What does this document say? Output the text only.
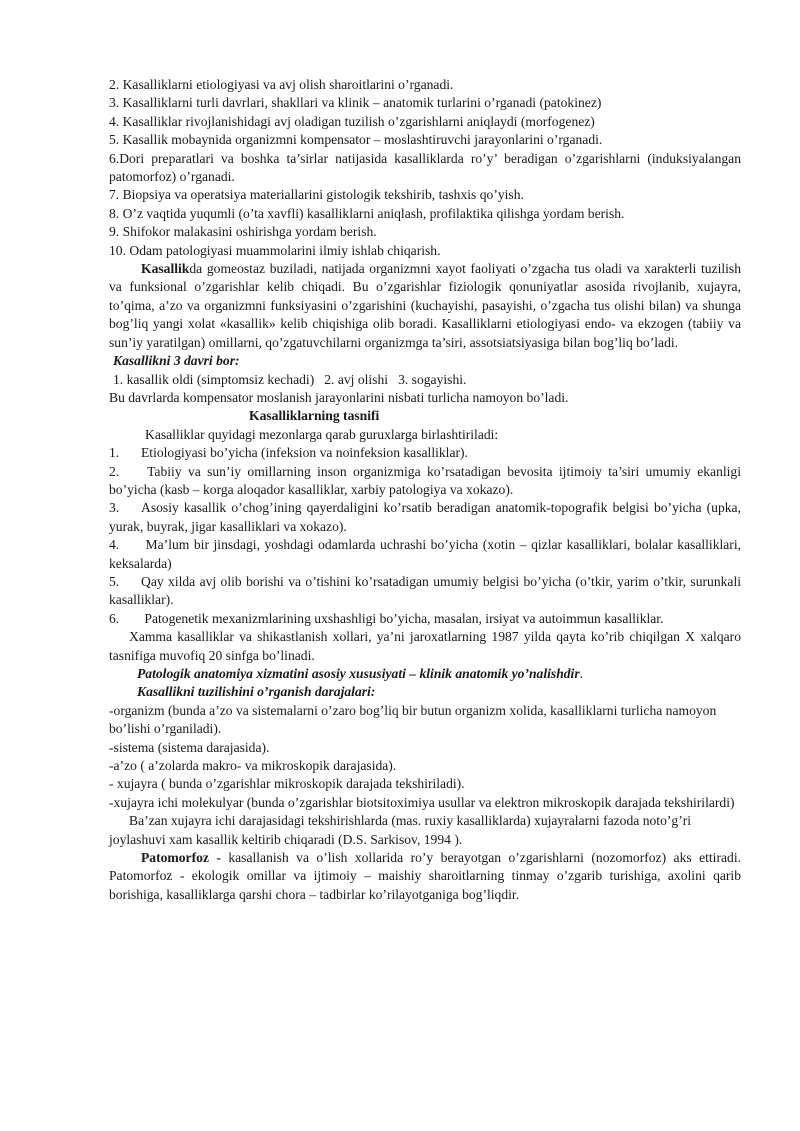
2. Kasalliklarni etiologiyasi va avj olish sharoitlarini o’rganadi.

3. Kasalliklarni turli davrlari, shakllari va klinik – anatomik turlarini o’rganadi (patokinez)

4. Kasalliklar rivojlanishidagi avj oladigan tuzilish o’zgarishlarni aniqlaydi (morfogenez)

5. Kasallik mobaynida organizmni kompensator – moslashtiruvchi jarayonlarini o’rganadi.

6.Dori preparatlari va boshka ta’sirlar natijasida kasalliklarda ro’y’ beradigan o’zgarishlarni (induksiyalangan patomorfoz) o’rganadi.

7. Biopsiya va operatsiya materiallarini gistologik tekshirib, tashxis qo’yish.

8. O’z vaqtida yuqumli (o’ta xavfli) kasalliklarni aniqlash, profilaktika qilishga yordam berish.

9. Shifokor malakasini oshirishga yordam berish.

10. Odam patologiyasi muammolarini ilmiy ishlab chiqarish.

Kasallikda gomeostaz buziladi, natijada organizmni xayot faoliyati o’zgacha tus oladi va xarakterli tuzilish va funksional o’zgarishlar kelib chiqadi. Bu o’zgarishlar fiziologik qonuniyatlar asosida rivojlanib, xujayra, to’qima, a’zo va organizmni funksiyasini o’zgarishini (kuchayishi, pasayishi, o’zgacha tus olishi bilan) va shunga bog’liq yangi xolat «kasallik» kelib chiqishiga olib boradi. Kasalliklarni etiologiyasi endo- va ekzogen (tabiiy va sun’iy yaratilgan) omillarni, qo’zgatuvchilarni organizmga ta’siri, assotsiatsiyasiga bilan bog’liq bo’ladi.

Kasallikni 3 davri bor:

1. kasallik oldi (simptomsiz kechadi) 2. avj olishi 3. sogayishi.

Bu davrlarda kompensator moslanish jarayonlarini nisbati turlicha namoyon bo’ladi.

Kasalliklarning tasnifi

Kasalliklar quyidagi mezonlarga qarab guruxlarga birlashtiriladi:

1. Etiologiyasi bo’yicha (infeksion va noinfeksion kasalliklar).

2. Tabiiy va sun’iy omillarning inson organizmiga ko’rsatadigan bevosita ijtimoiy ta’siri umumiy ekanligi bo’yicha (kasb – korga aloqador kasalliklar, xarbiy patologiya va xokazo).

3. Asosiy kasallik o’chog’ining qayerdaligini ko’rsatib beradigan anatomik-topografik belgisi bo’yicha (upka, yurak, buyrak, jigar kasalliklari va xokazo).

4. Ma’lum bir jinsdagi, yoshdagi odamlarda uchrashi bo’yicha (xotin – qizlar kasalliklari, bolalar kasalliklari, keksalarda)

5. Qay xilda avj olib borishi va o’tishini ko’rsatadigan umumiy belgisi bo’yicha (o’tkir, yarim o’tkir, surunkali kasalliklar).

6. Patogenetik mexanizmlarining uxshashligi bo’yicha, masalan, irsiyat va autoimmun kasalliklar.

Xamma kasalliklar va shikastlanish xollari, ya’ni jaroxatlarning 1987 yilda qayta ko’rib chiqilgan X xalqaro tasnifiga muvofiq 20 sinfga bo’linadi.

Patologik anatomiya xizmatini asosiy xususiyati – klinik anatomik yo’nalishdir.

Kasallikni tuzilishini o’rganish darajalari:

-organizm (bunda a’zo va sistemalarni o’zaro bog’liq bir butun organizm xolida, kasalliklarni turlicha namoyon bo’lishi o’rganiladi).

-sistema (sistema darajasida).

-a’zo ( a’zolarda makro- va mikroskopik darajasida).

- xujayra ( bunda o’zgarishlar mikroskopik darajada tekshiriladi).

-xujayra ichi molekulyar (bunda o’zgarishlar biotsitoximiya usullar va elektron mikroskopik darajada tekshirilardi)

Ba’zan xujayra ichi darajasidagi tekshirishlarda (mas. ruxiy kasalliklarda) xujayralarni fazoda noto’g’ri joylashuvi xam kasallik keltirib chiqaradi (D.S. Sarkisov, 1994 ).

Patomorfoz - kasallanish va o’lish xollarida ro’y berayotgan o’zgarishlarni (nozomorfoz) aks ettiradi. Patomorfoz - ekologik omillar va ijtimoiy – maishiy sharoitlarning tinmay o’zgarib turishiga, axolini qarib borishiga, kasalliklarga qarshi chora – tadbirlar ko’rilayotganiga bog’liqdir.
